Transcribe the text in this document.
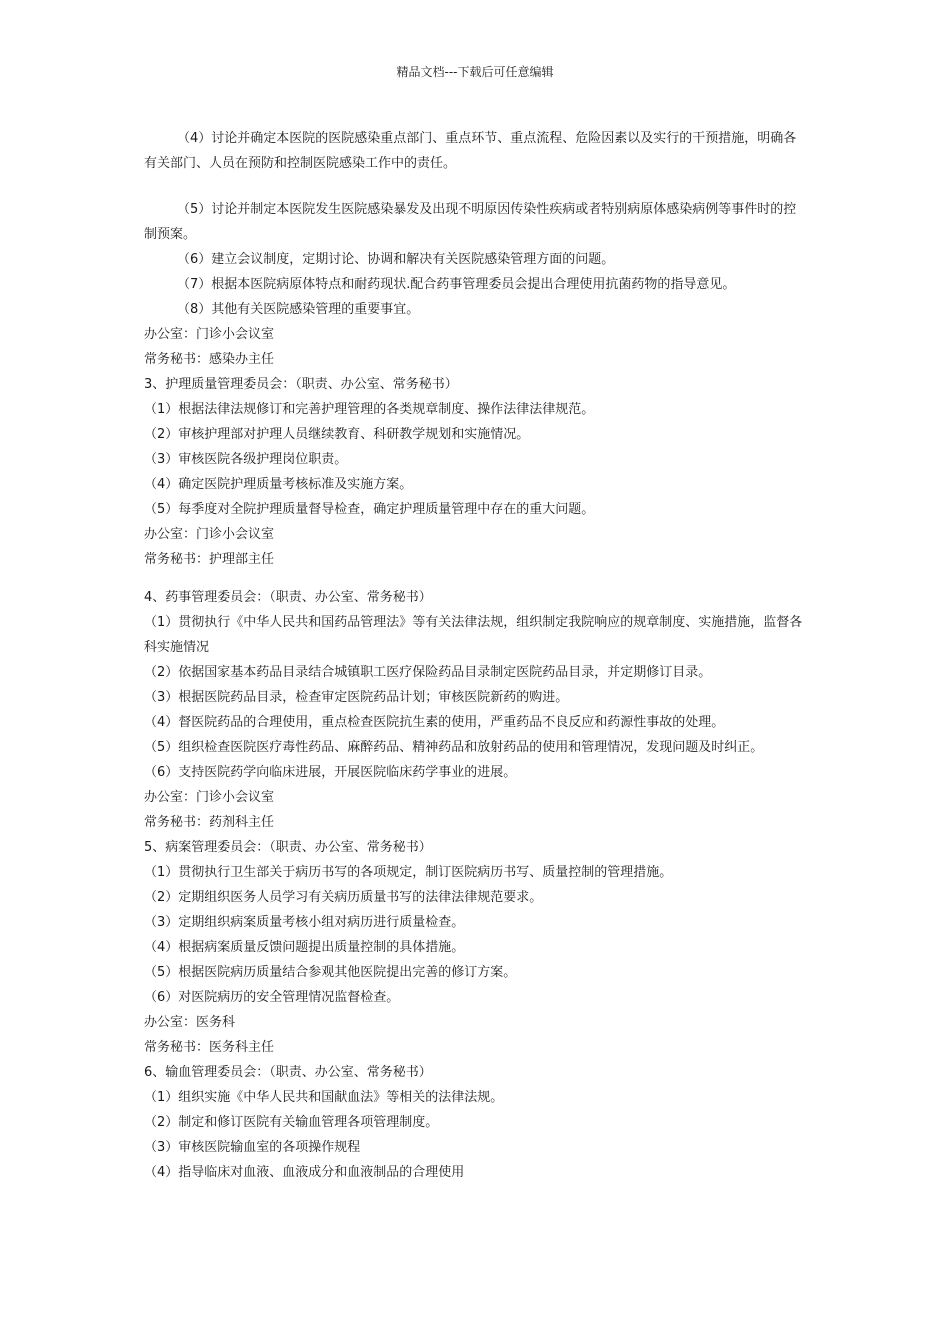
精品文档---下载后可任意编辑

（4）讨论并确定本医院的医院感染重点部门、重点环节、重点流程、危险因素以及实行的干预措施，明确各有关部门、人员在预防和控制医院感染工作中的责任。

（5）讨论并制定本医院发生医院感染暴发及出现不明原因传染性疾病或者特别病原体感染病例等事件时的控制预案。

（6）建立会议制度，定期讨论、协调和解决有关医院感染管理方面的问题。

（7）根据本医院病原体特点和耐药现状.配合药事管理委员会提出合理使用抗菌药物的指导意见。

（8）其他有关医院感染管理的重要事宜。

办公室：门诊小会议室

常务秘书：感染办主任

3、护理质量管理委员会：（职责、办公室、常务秘书）

（1）根据法律法规修订和完善护理管理的各类规章制度、操作法律法律规范。

（2）审核护理部对护理人员继续教育、科研教学规划和实施情况。

（3）审核医院各级护理岗位职责。

（4）确定医院护理质量考核标准及实施方案。

（5）每季度对全院护理质量督导检查，确定护理质量管理中存在的重大问题。

办公室：门诊小会议室

常务秘书：护理部主任

4、药事管理委员会：（职责、办公室、常务秘书）

（1）贯彻执行《中华人民共和国药品管理法》等有关法律法规，组织制定我院响应的规章制度、实施措施，监督各科实施情况

（2）依据国家基本药品目录结合城镇职工医疗保险药品目录制定医院药品目录，并定期修订目录。

（3）根据医院药品目录，检查审定医院药品计划；审核医院新药的购进。

（4）督医院药品的合理使用，重点检查医院抗生素的使用，严重药品不良反应和药源性事故的处理。

（5）组织检查医院医疗毒性药品、麻醉药品、精神药品和放射药品的使用和管理情况，发现问题及时纠正。

（6）支持医院药学向临床进展，开展医院临床药学事业的进展。

办公室：门诊小会议室

常务秘书：药剂科主任

5、病案管理委员会：（职责、办公室、常务秘书）

（1）贯彻执行卫生部关于病历书写的各项规定，制订医院病历书写、质量控制的管理措施。

（2）定期组织医务人员学习有关病历质量书写的法律法律规范要求。

（3）定期组织病案质量考核小组对病历进行质量检查。

（4）根据病案质量反馈问题提出质量控制的具体措施。

（5）根据医院病历质量结合参观其他医院提出完善的修订方案。

（6）对医院病历的安全管理情况监督检查。

办公室：医务科

常务秘书：医务科主任

6、输血管理委员会：（职责、办公室、常务秘书）

（1）组织实施《中华人民共和国献血法》等相关的法律法规。

（2）制定和修订医院有关输血管理各项管理制度。

（3）审核医院输血室的各项操作规程

（4）指导临床对血液、血液成分和血液制品的合理使用
